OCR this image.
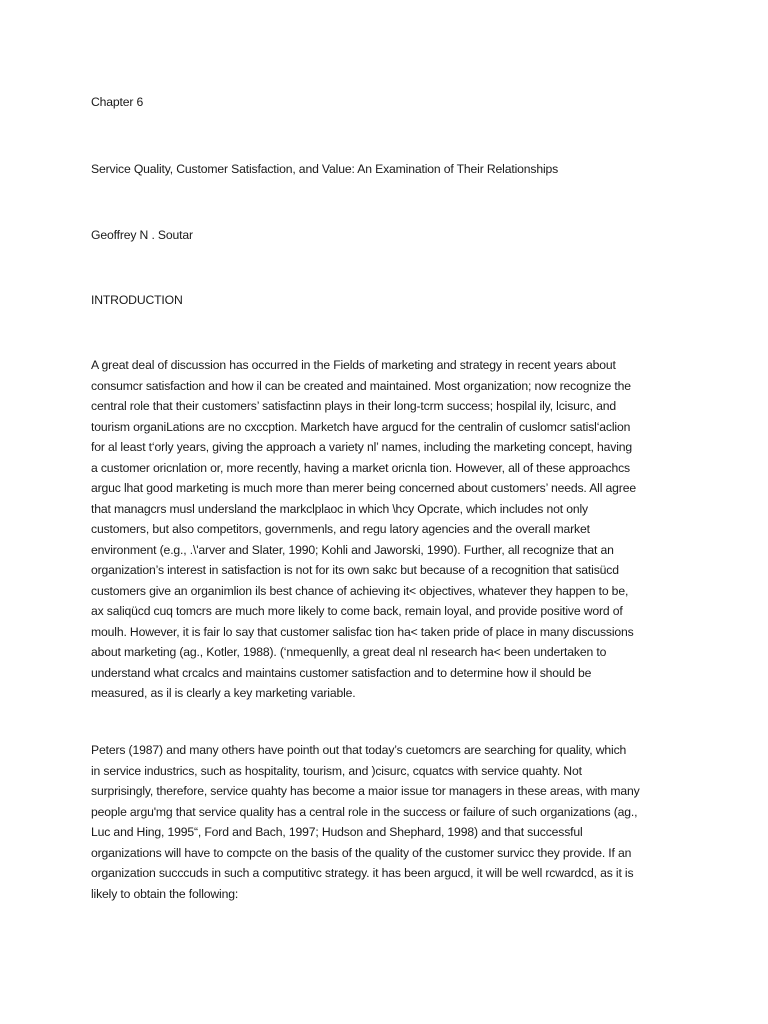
Chapter 6

Service Quality, Customer Satisfaction, and Value: An Examination of Their Relationships

Geoffrey N . Soutar

INTRODUCTION

A great deal of discussion has occurred in the Fields of marketing and strategy in recent years about
consumcr satisfaction and how il can be created and maintained. Most organization; now recognize the
central role that their customers’ satisfactinn plays in their long-tcrm success; hospilal ily, lcisurc, and
tourism organiLations are no cxccption. Marketch have argucd for the centralin of cuslomcr satisl‘aclion
for al least t‘orly years, giving the approach a variety nl’ names, including the marketing concept, having
a customer oricnlation or, more recently, having a market oricnla tion. However, all of these approachcs
arguc lhat good marketing is much more than merer being concerned about customers’ needs. All agree
that managcrs musl undersland the markclplaoc in which \hcy Opcrate, which includes not only
customers, but also competitors, governmenls, and regu latory agencies and the overall market
environment (e.g., .\'arver and Slater, 1990; Kohli and Jaworski, 1990). Further, all recognize that an
organization’s interest in satisfaction is not for its own sakc but because of a recognition that satisücd
customers give an organimlion ils best chance of achieving it< objectives, whatever they happen to be,
ax saliqücd cuq tomcrs are much more likely to come back, remain loyal, and provide positive word of
moulh. However, it is fair lo say that customer salisfac tion ha< taken pride of place in many discussions
about marketing (ag., Kotler, 1988). (‘nmequenlly, a great deal nl research ha< been undertaken to
understand what crcalcs and maintains customer satisfaction and to determine how il should be
measured, as il is clearly a key marketing variable.
Peters (1987) and many others have pointh out that today’s cuetomcrs are searching for quality, which
in service industrics, such as hospitality, tourism, and )cisurc, cquatcs with service quahty. Not
surprisingly, therefore, service quahty has become a maior issue tor managers in these areas, with many
people argu'mg that service quality has a central role in the success or failure of such organizations (ag.,
Luc and Hing, 1995“, Ford and Bach, 1997; Hudson and Shephard, 1998) and that successful
organizations will have to compcte on the basis of the quality of the customer survicc they provide. If an
organization succcuds in such a computitivc strategy. it has been argucd, it will be well rcwardcd, as it is
likely to obtain the following:
